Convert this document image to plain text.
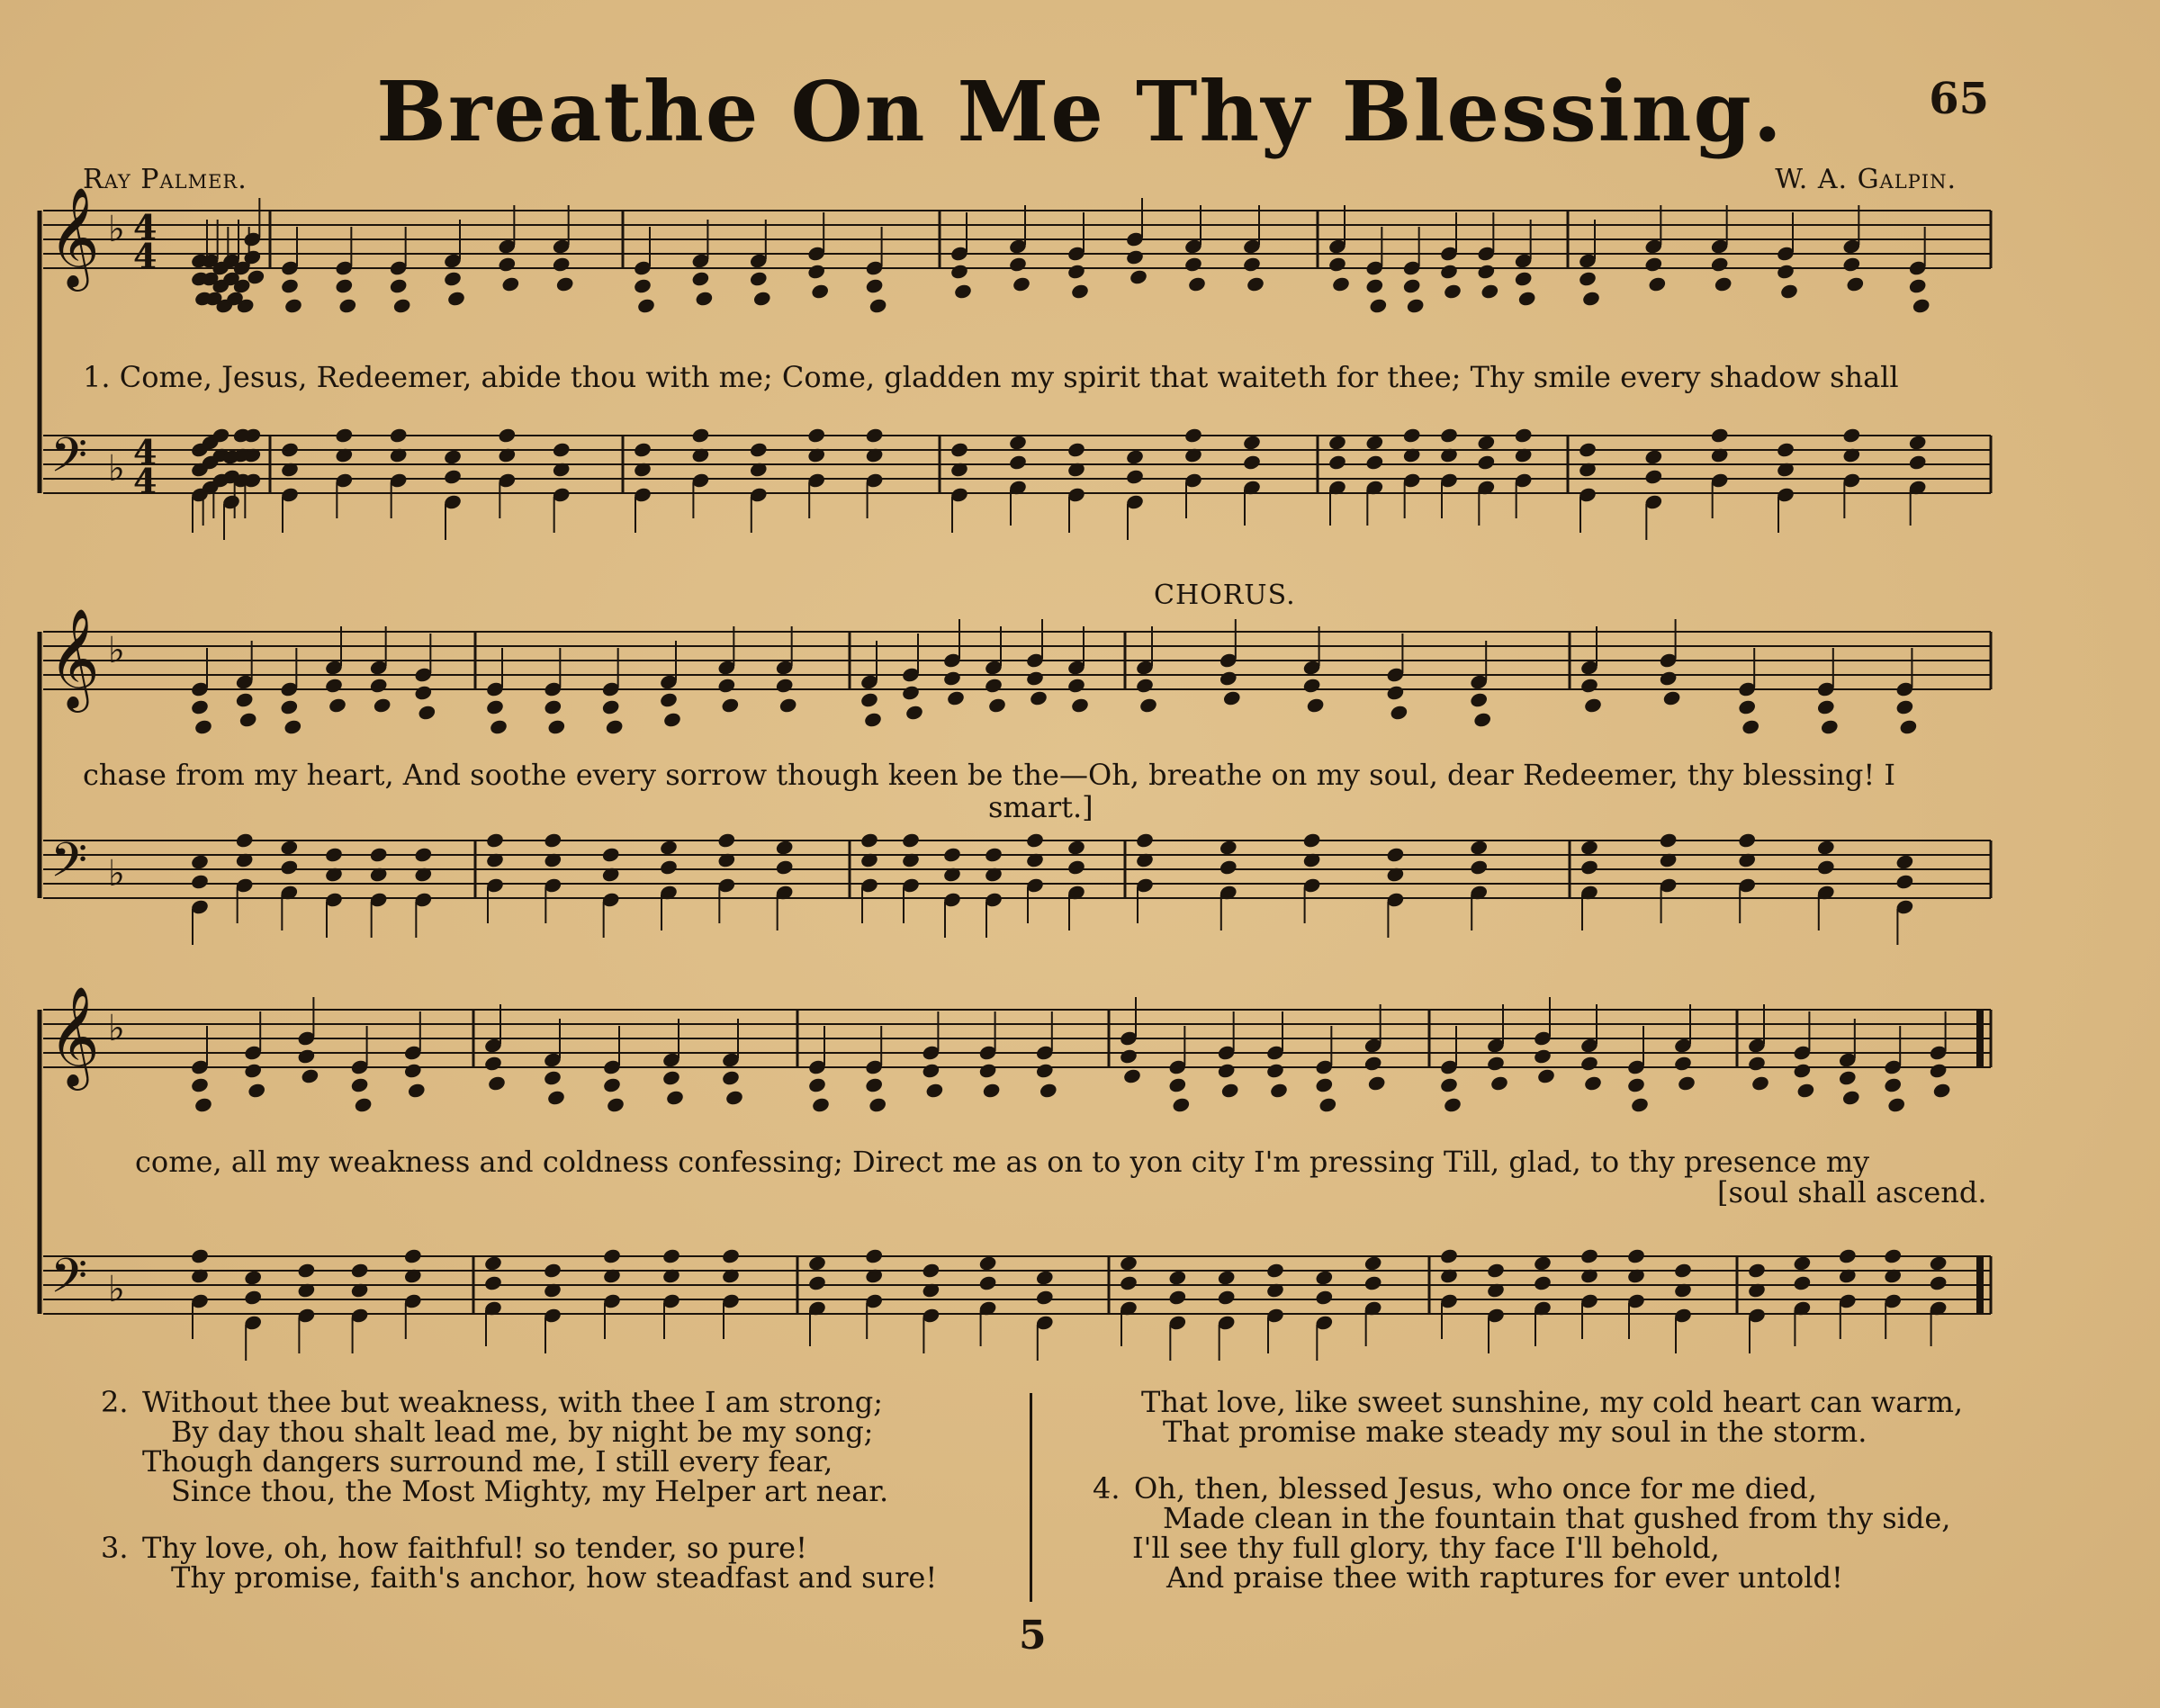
Breathe On Me Thy Blessing.	65
Ray Palmer.	W. A. Galpin.
𝄞
𝄢
♭
♭
4
4
4
4
𝄞
𝄢
♭
♭
𝄞
𝄢
♭
♭
CHORUS.
1. Come, Jesus, Redeemer, abide thou with me; Come, gladden my spirit that waiteth for thee; Thy smile every shadow shall
chase from my heart, And soothe every sorrow though keen be the—Oh, breathe on my soul, dear Redeemer, thy blessing! I
smart.]
come, all my weakness and coldness confessing; Direct me as on to yon city I'm pressing Till, glad, to thy presence my
[soul shall ascend.
2. Without thee but weakness, with thee I am strong;
By day thou shalt lead me, by night be my song;
Though dangers surround me, I still every fear,
Since thou, the Most Mighty, my Helper art near.
3. Thy love, oh, how faithful! so tender, so pure!
Thy promise, faith's anchor, how steadfast and sure!
That love, like sweet sunshine, my cold heart can warm,
That promise make steady my soul in the storm.
4. Oh, then, blessed Jesus, who once for me died,
Made clean in the fountain that gushed from thy side,
I'll see thy full glory, thy face I'll behold,
And praise thee with raptures for ever untold!
5
